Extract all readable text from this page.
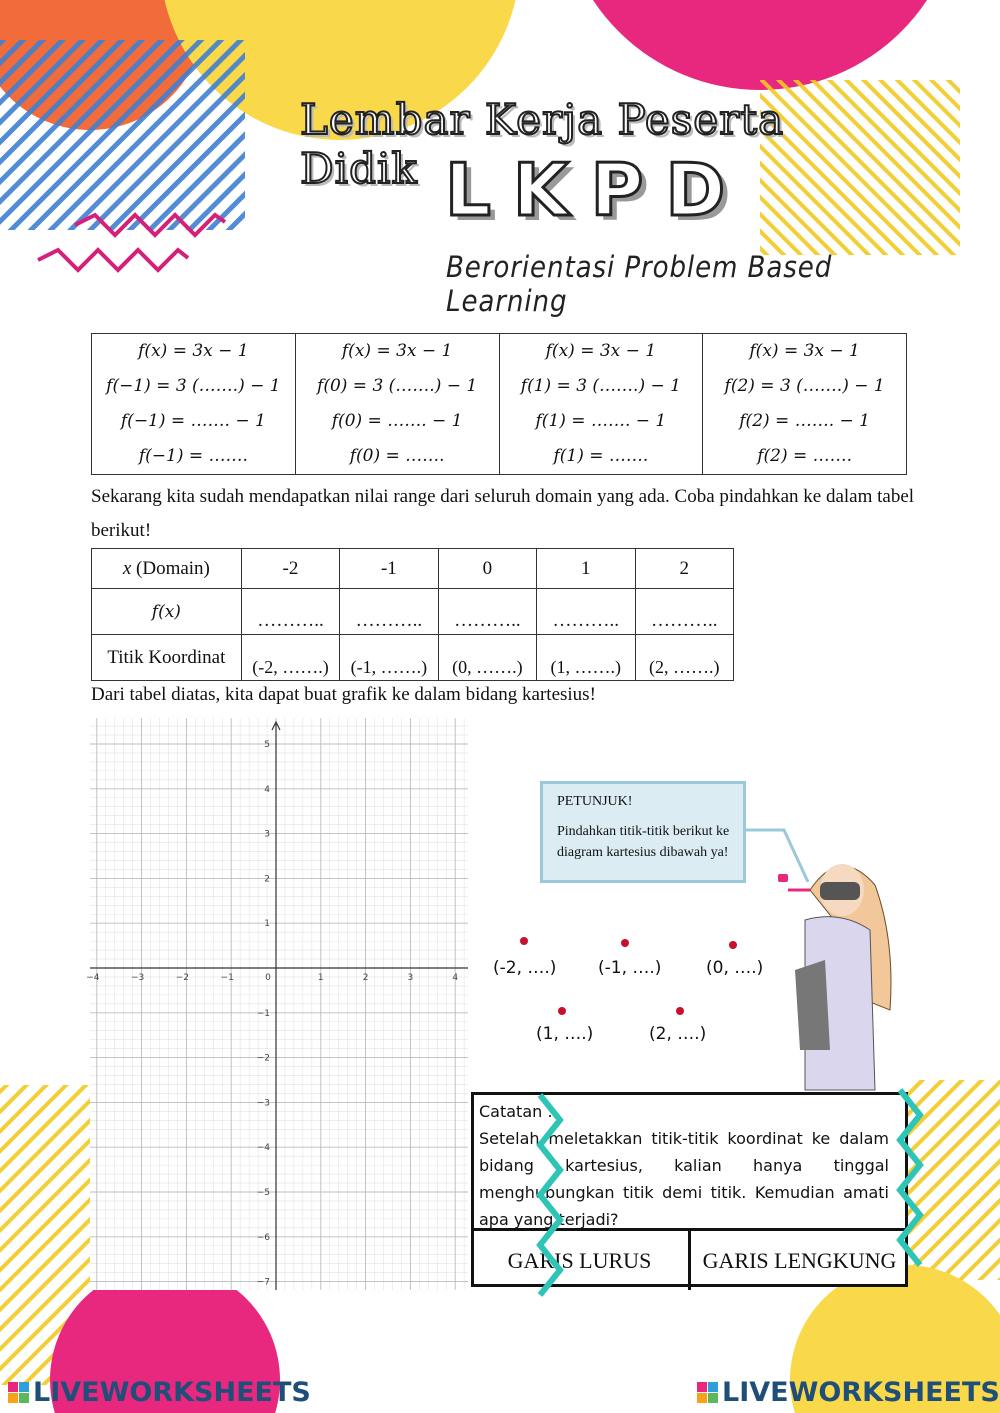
Lembar Kerja Peserta Didik LKPD
Berorientasi Problem Based Learning
f(x) = 3x − 1
f(−1) = 3 (…….) − 1
f(−1) = ……. − 1
f(−1) = …….

f(x) = 3x − 1
f(0) = 3 (…….) − 1
f(0) = ……. − 1
f(0) = …….

f(x) = 3x − 1
f(1) = 3 (…….) − 1
f(1) = ……. − 1
f(1) = …….

f(x) = 3x − 1
f(2) = 3 (…….) − 1
f(2) = ……. − 1
f(2) = …….
Sekarang kita sudah mendapatkan nilai range dari seluruh domain yang ada. Coba pindahkan ke dalam tabel berikut!
x (Domain)	-2	-1	0	1	2
f(x)	………..	………..	………..	………..	………..
Titik Koordinat	(-2, …….)	(-1, …….)	(0, …….)	(1, …….)	(2, …….)
Dari tabel diatas, kita dapat buat grafik ke dalam bidang kartesius!
−4	−3	−2	−1	0	1	2	3	4
5
4
3
2
1
−1
−2
−3
−4
−5
−6
−7

PETUNJUK!

Pindahkan titik-titik berikut ke diagram kartesius dibawah ya!

(-2, ….) (-1, ….)	(0, ….)
(1, ….)	(2, ….)
Catatan :
Setelah meletakkan titik-titik koordinat ke dalam bidang kartesius, kalian hanya tinggal menghubungkan titik demi titik. Kemudian amati apa yang terjadi?
GARIS LURUS	GARIS LENGKUNG
LIVEWORKSHEETS	LIVEWORKSHEETS
